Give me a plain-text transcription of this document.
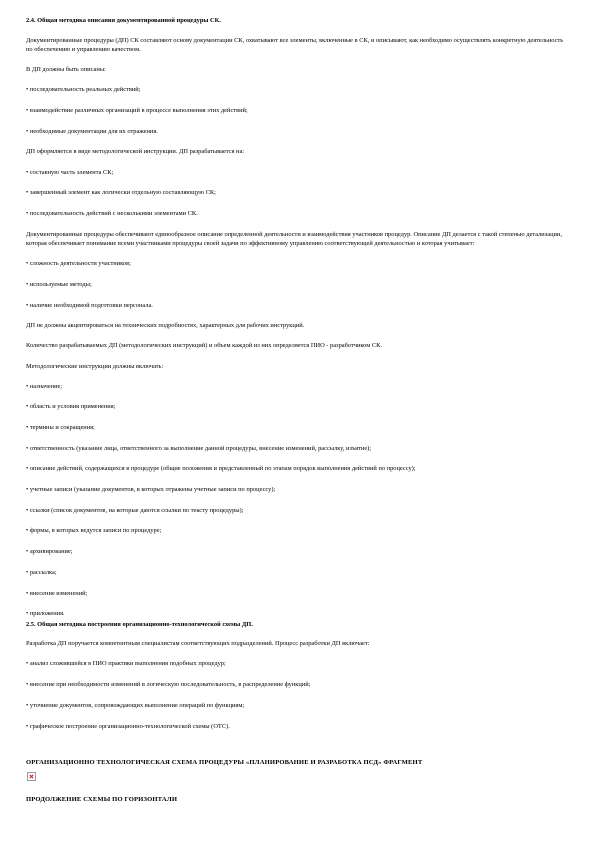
2.4. Общая методика описания документированной процедуры СК.

Документированные процедуры (ДП) СК составляют основу документации СК, охватывают все элементы, включенные в СК, и описывают, как необходимо осуществлять конкретную деятельность по обеспечению и управлению качеством.

В ДП должны быть описаны:

• последовательность реальных действий;

• взаимодействие различных организаций в процессе выполнения этих действий;

• необходимые документации для их отражения.

ДП оформляется в виде методологической инструкции. ДП разрабатывается на:

• составную часть элемента СК;

• завершенный элемент как логически отдельную составляющую СК;

• последовательность действий с несколькими элементами СК.

Документированные процедуры обеспечивают единообразное описание определенной деятельности и взаимодействия участников процедур. Описание ДП делается с такой степенью детализации, которая обеспечивает понимание всеми участниками процедуры своей задачи по эффективному управлению соответствующей деятельностью и которая учитывает:

• сложность деятельности участников;

• используемые методы;

• наличие необходимой подготовки персонала.

ДП не должны акцентироваться на технических подробностях, характерных для рабочих инструкций.

Количество разрабатываемых ДП (методологических инструкций) и объем каждой из них определяется ПИО - разработчиком СК.

Методологические инструкции должны включать:

• назначение;

• область и условия применения;

• термины и сокращения;

• ответственность (указание лица, ответственного за выполнение данной процедуры, внесение изменений, рассылку, изъятие);

• описание действий, содержащихся в процедуре (общие положения и представленный по этапам порядок выполнения действий по процессу);

• учетные записи (указание документов, в которых отражены учетные записи по процессу);

• ссылки (список документов, на которые даются ссылки по тексту процедуры);

• формы, в которых ведутся записи по процедуре;

• архивирование;

• рассылка;

• внесение изменений;

• приложения.

2.5. Общая методика построения организационно-технологической схемы ДП.

Разработка ДП поручается компетентным специалистам соответствующих подразделений. Процесс разработки ДП включает:

• анализ сложившейся в ПИО практики выполнения подобных процедур;

• внесение при необходимости изменений в логическую последовательность, в распределение функций;

• уточнение документов, сопровождающих выполнение операций по функциям;

• графическое построение организационно-технологической схемы (ОТС).

ОРГАНИЗАЦИОННО ТЕХНОЛОГИЧЕСКАЯ СХЕМА ПРОЦЕДУРЫ «ПЛАНИРОВАНИЕ И РАЗРАБОТКА ПСД» ФРАГМЕНТ

ПРОДОЛЖЕНИЕ СХЕМЫ ПО ГОРИЗОНТАЛИ
